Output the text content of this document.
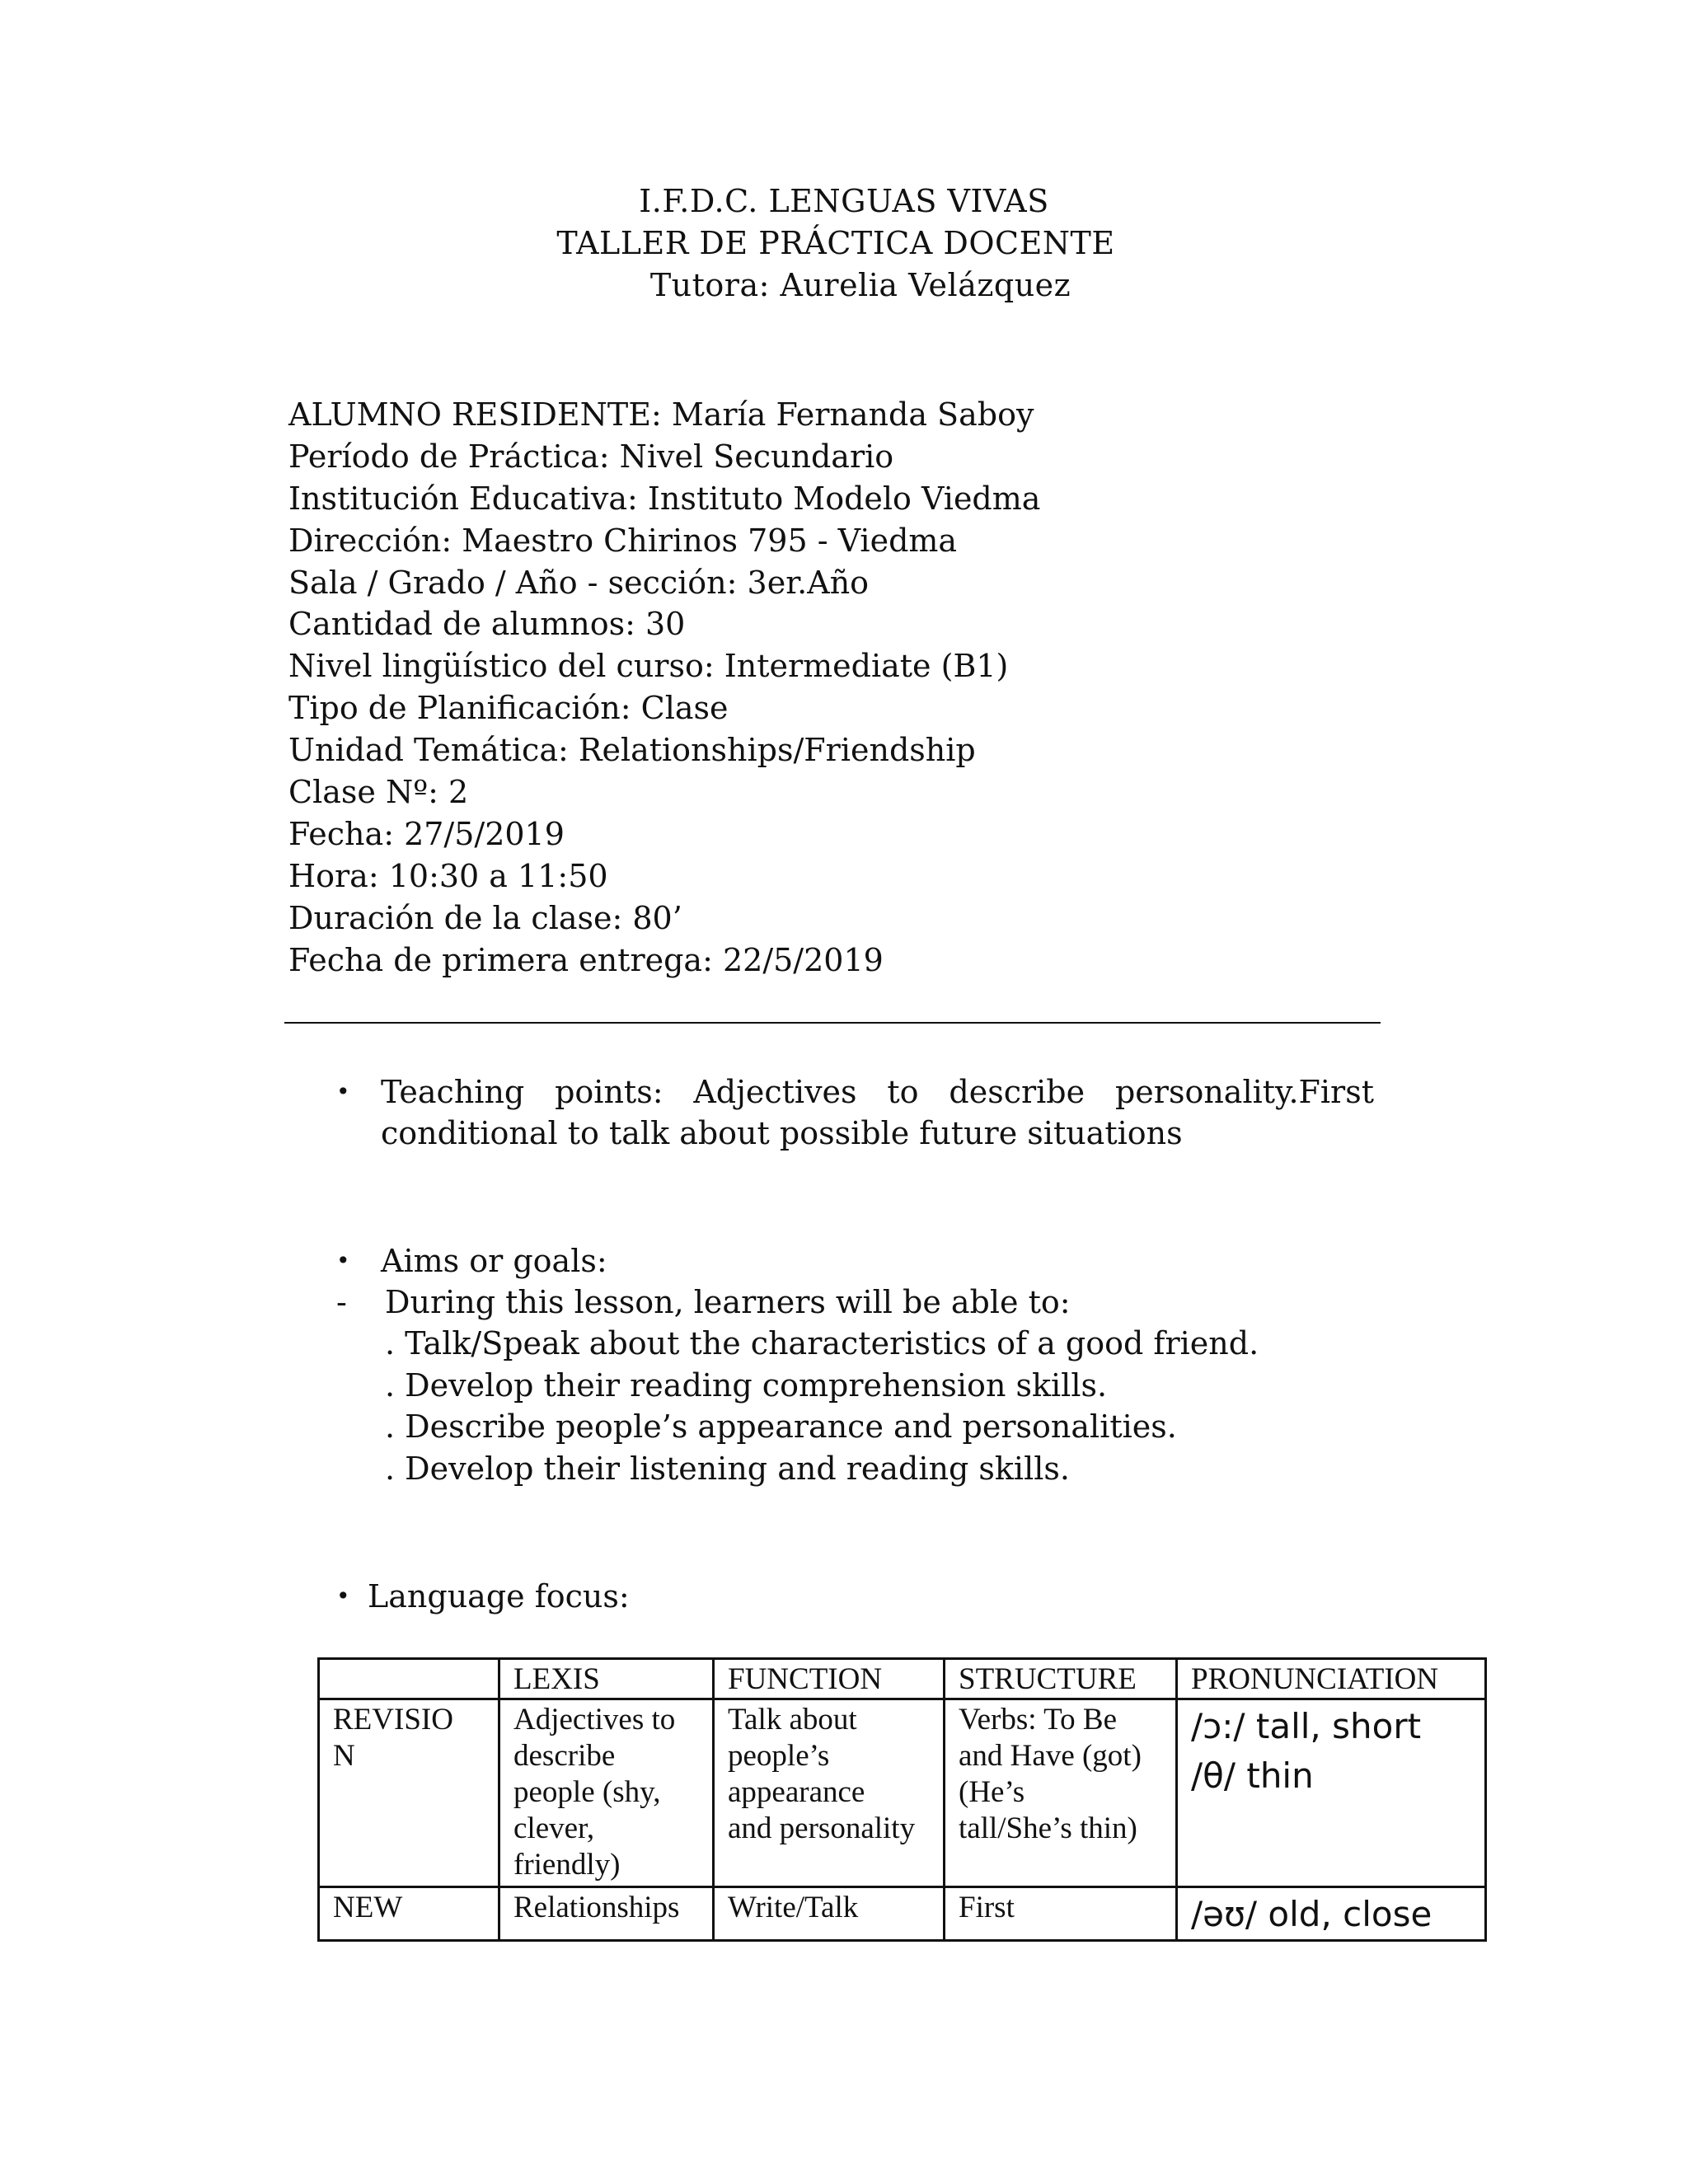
I.F.D.C. LENGUAS VIVAS
TALLER DE PRÁCTICA DOCENTE
Tutora: Aurelia Velázquez
ALUMNO RESIDENTE: María Fernanda Saboy
Período de Práctica: Nivel Secundario
Institución Educativa: Instituto Modelo Viedma
Dirección: Maestro Chirinos 795 - Viedma
Sala / Grado / Año - sección: 3er.Año
Cantidad de alumnos: 30
Nivel lingüístico del curso: Intermediate (B1)
Tipo de Planificación: Clase
Unidad Temática: Relationships/Friendship
Clase Nº: 2
Fecha: 27/5/2019
Hora: 10:30 a 11:50
Duración de la clase: 80’
Fecha de primera entrega: 22/5/2019
• Teaching points: Adjectives to describe personality.First
conditional to talk about possible future situations
• Aims or goals:
- During this lesson, learners will be able to:
. Talk/Speak about the characteristics of a good friend.
. Develop their reading comprehension skills.
. Describe people’s appearance and personalities.
. Develop their listening and reading skills.
• Language focus:
	LEXIS	FUNCTION	STRUCTURE	PRONUNCIATION
REVISIO
N	Adjectives to
describe
people (shy,
clever,
friendly)	Talk about
people’s
appearance
and personality	Verbs: To Be
and Have (got)
(He’s
tall/She’s thin)	/ɔ:/ tall, short
/θ/ thin
NEW	Relationships	Write/Talk	First	/əʊ/ old, close
